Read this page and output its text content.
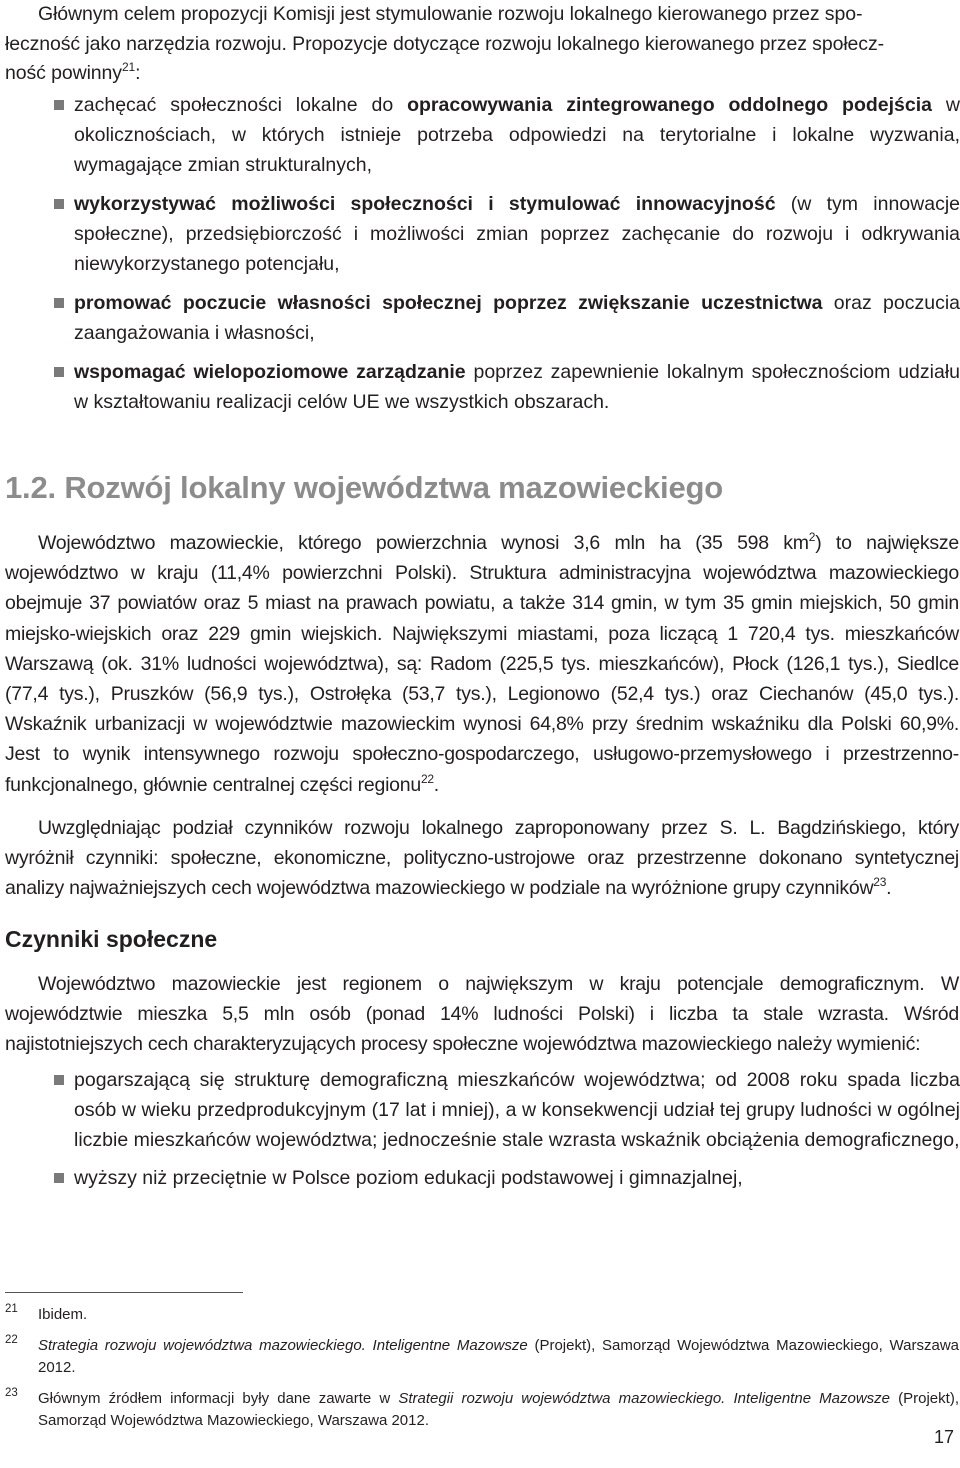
Głównym celem propozycji Komisji jest stymulowanie rozwoju lokalnego kierowanego przez spo-
łeczność jako narzędzia rozwoju. Propozycje dotyczące rozwoju lokalnego kierowanego przez społecz-
ność powinny$^{21}$:
zachęcać społeczności lokalne do opracowywania zintegrowanego oddolnego podejścia w okolicznościach, w których istnieje potrzeba odpowiedzi na terytorialne i lokalne wyzwania, wymagające zmian strukturalnych,
wykorzystywać możliwości społeczności i stymulować innowacyjność (w tym innowacje społeczne), przedsiębiorczość i możliwości zmian poprzez zachęcanie do rozwoju i odkrywania niewykorzystanego potencjału,
promować poczucie własności społecznej poprzez zwiększanie uczestnictwa oraz poczucia zaangażowania i własności,
wspomagać wielopoziomowe zarządzanie poprzez zapewnienie lokalnym społecznościom udziału w kształtowaniu realizacji celów UE we wszystkich obszarach.
1.2. Rozwój lokalny województwa mazowieckiego
Województwo mazowieckie, którego powierzchnia wynosi 3,6 mln ha (35 598 $km^2$) to największe województwo w kraju (11,4% powierzchni Polski). Struktura administracyjna województwa mazowieckiego obejmuje 37 powiatów oraz 5 miast na prawach powiatu, a także 314 gmin, w tym 35 gmin miejskich, 50 gmin miejsko-wiejskich oraz 229 gmin wiejskich. Największymi miastami, poza liczącą 1 720,4 tys. mieszkańców Warszawą (ok. 31% ludności województwa), są: Radom (225,5 tys. mieszkańców), Płock (126,1 tys.), Siedlce (77,4 tys.), Pruszków (56,9 tys.), Ostrołęka (53,7 tys.), Legionowo (52,4 tys.) oraz Ciechanów (45,0 tys.). Wskaźnik urbanizacji w województwie mazowieckim wynosi 64,8% przy średnim wskaźniku dla Polski 60,9%. Jest to wynik intensywnego rozwoju społeczno-gospodarczego, usługowo-przemysłowego i przestrzenno-funkcjonalnego, głównie centralnej części regionu$^{22}$.
Uwzględniając podział czynników rozwoju lokalnego zaproponowany przez S. L. Bagdzińskiego, który wyróżnił czynniki: społeczne, ekonomiczne, polityczno-ustrojowe oraz przestrzenne dokonano syntetycznej analizy najważniejszych cech województwa mazowieckiego w podziale na wyróżnione grupy czynników$^{23}$.
Czynniki społeczne
Województwo mazowieckie jest regionem o największym w kraju potencjale demograficznym. W województwie mieszka 5,5 mln osób (ponad 14% ludności Polski) i liczba ta stale wzrasta. Wśród najistotniejszych cech charakteryzujących procesy społeczne województwa mazowieckiego należy wymienić:
pogarszającą się strukturę demograficzną mieszkańców województwa; od 2008 roku spada liczba osób w wieku przedprodukcyjnym (17 lat i mniej), a w konsekwencji udział tej grupy ludności w ogólnej liczbie mieszkańców województwa; jednocześnie stale wzrasta wskaźnik obciążenia demograficznego,
wyższy niż przeciętnie w Polsce poziom edukacji podstawowej i gimnazjalnej,
21 Ibidem.
22 Strategia rozwoju województwa mazowieckiego. Inteligentne Mazowsze (Projekt), Samorząd Województwa Mazowieckiego, Warszawa 2012.
23 Głównym źródłem informacji były dane zawarte w Strategii rozwoju województwa mazowieckiego. Inteligentne Mazowsze (Projekt), Samorząd Województwa Mazowieckiego, Warszawa 2012.
17
